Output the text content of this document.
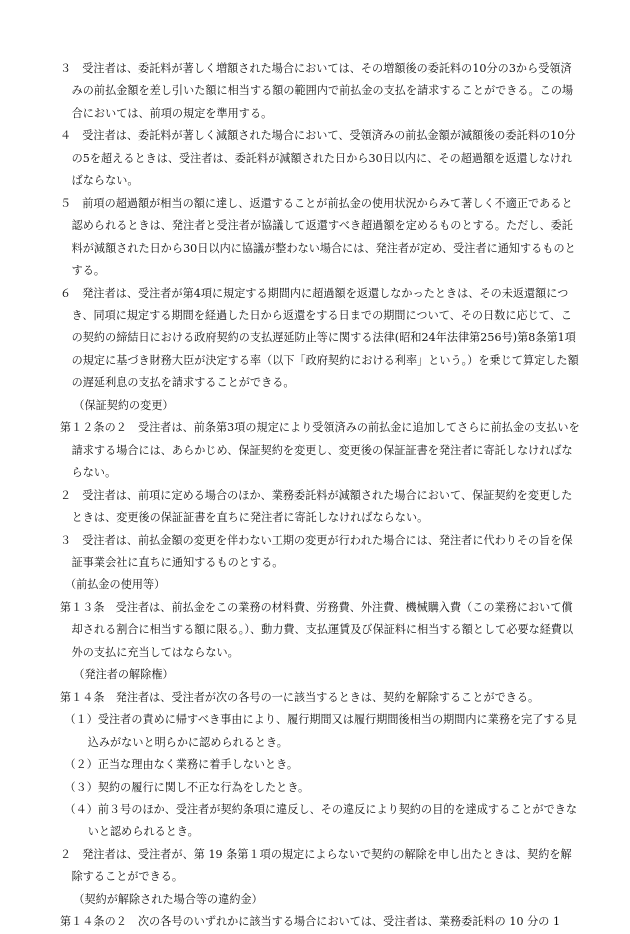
３　受注者は、委託料が著しく増額された場合においては、その増額後の委託料の10分の3から受領済みの前払金額を差し引いた額に相当する額の範囲内で前払金の支払を請求することができる。この場合においては、前項の規定を準用する。

４　受注者は、委託料が著しく減額された場合において、受領済みの前払金額が減額後の委託料の10分の5を超えるときは、受注者は、委託料が減額された日から30日以内に、その超過額を返還しなければならない。

５　前項の超過額が相当の額に達し、返還することが前払金の使用状況からみて著しく不適正であると認められるときは、発注者と受注者が協議して返還すべき超過額を定めるものとする。ただし、委託料が減額された日から30日以内に協議が整わない場合には、発注者が定め、受注者に通知するものとする。

６　発注者は、受注者が第4項に規定する期間内に超過額を返還しなかったときは、その未返還額につき、同項に規定する期間を経過した日から返還をする日までの期間について、その日数に応じて、この契約の締結日における政府契約の支払遅延防止等に関する法律(昭和24年法律第256号)第8条第1項の規定に基づき財務大臣が決定する率（以下「政府契約における利率」という。）を乗じて算定した額の遅延利息の支払を請求することができる。

（保証契約の変更）

第１２条の２　受注者は、前条第3項の規定により受領済みの前払金に追加してさらに前払金の支払いを請求する場合には、あらかじめ、保証契約を変更し、変更後の保証証書を発注者に寄託しなければならない。

２　受注者は、前項に定める場合のほか、業務委託料が減額された場合において、保証契約を変更したときは、変更後の保証証書を直ちに発注者に寄託しなければならない。

３　受注者は、前払金額の変更を伴わない工期の変更が行われた場合には、発注者に代わりその旨を保証事業会社に直ちに通知するものとする。

（前払金の使用等）

第１３条　受注者は、前払金をこの業務の材料費、労務費、外注費、機械購入費（この業務において償却される割合に相当する額に限る。）、動力費、支払運賃及び保証料に相当する額として必要な経費以外の支払に充当してはならない。

（発注者の解除権）

第１４条　発注者は、受注者が次の各号の一に該当するときは、契約を解除することができる。

（１）受注者の責めに帰すべき事由により、履行期間又は履行期間後相当の期間内に業務を完了する見込みがないと明らかに認められるとき。

（２）正当な理由なく業務に着手しないとき。

（３）契約の履行に関し不正な行為をしたとき。

（４）前３号のほか、受注者が契約条項に違反し、その違反により契約の目的を達成することができないと認められるとき。

２　発注者は、受注者が、第 19 条第１項の規定によらないで契約の解除を申し出たときは、契約を解除することができる。

（契約が解除された場合等の違約金）

第１４条の２　次の各号のいずれかに該当する場合においては、受注者は、業務委託料の 10 分の 1
